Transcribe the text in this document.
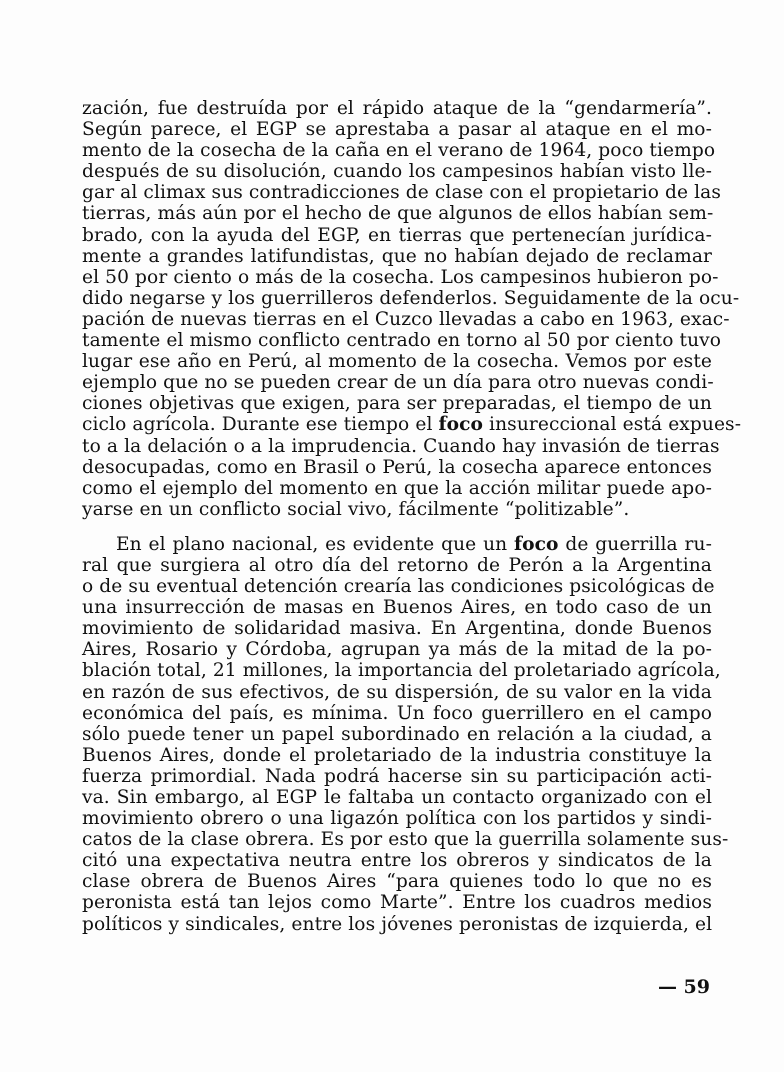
zación, fue destruída por el rápido ataque de la “gendarmería”.
Según parece, el EGP se aprestaba a pasar al ataque en el mo-
mento de la cosecha de la caña en el verano de 1964, poco tiempo
después de su disolución, cuando los campesinos habían visto lle-
gar al climax sus contradicciones de clase con el propietario de las
tierras, más aún por el hecho de que algunos de ellos habían sem-
brado, con la ayuda del EGP, en tierras que pertenecían jurídica-
mente a grandes latifundistas, que no habían dejado de reclamar
el 50 por ciento o más de la cosecha. Los campesinos hubieron po-
dido negarse y los guerrilleros defenderlos. Seguidamente de la ocu-
pación de nuevas tierras en el Cuzco llevadas a cabo en 1963, exac-
tamente el mismo conflicto centrado en torno al 50 por ciento tuvo
lugar ese año en Perú, al momento de la cosecha. Vemos por este
ejemplo que no se pueden crear de un día para otro nuevas condi-
ciones objetivas que exigen, para ser preparadas, el tiempo de un
ciclo agrícola. Durante ese tiempo el foco insureccional está expues-
to a la delación o a la imprudencia. Cuando hay invasión de tierras
desocupadas, como en Brasil o Perú, la cosecha aparece entonces
como el ejemplo del momento en que la acción militar puede apo-
yarse en un conflicto social vivo, fácilmente “politizable”.
En el plano nacional, es evidente que un foco de guerrilla ru-
ral que surgiera al otro día del retorno de Perón a la Argentina
o de su eventual detención crearía las condiciones psicológicas de
una insurrección de masas en Buenos Aires, en todo caso de un
movimiento de solidaridad masiva. En Argentina, donde Buenos
Aires, Rosario y Córdoba, agrupan ya más de la mitad de la po-
blación total, 21 millones, la importancia del proletariado agrícola,
en razón de sus efectivos, de su dispersión, de su valor en la vida
económica del país, es mínima. Un foco guerrillero en el campo
sólo puede tener un papel subordinado en relación a la ciudad, a
Buenos Aires, donde el proletariado de la industria constituye la
fuerza primordial. Nada podrá hacerse sin su participación acti-
va. Sin embargo, al EGP le faltaba un contacto organizado con el
movimiento obrero o una ligazón política con los partidos y sindi-
catos de la clase obrera. Es por esto que la guerrilla solamente sus-
citó una expectativa neutra entre los obreros y sindicatos de la
clase obrera de Buenos Aires “para quienes todo lo que no es
peronista está tan lejos como Marte”. Entre los cuadros medios
políticos y sindicales, entre los jóvenes peronistas de izquierda, el
— 59
